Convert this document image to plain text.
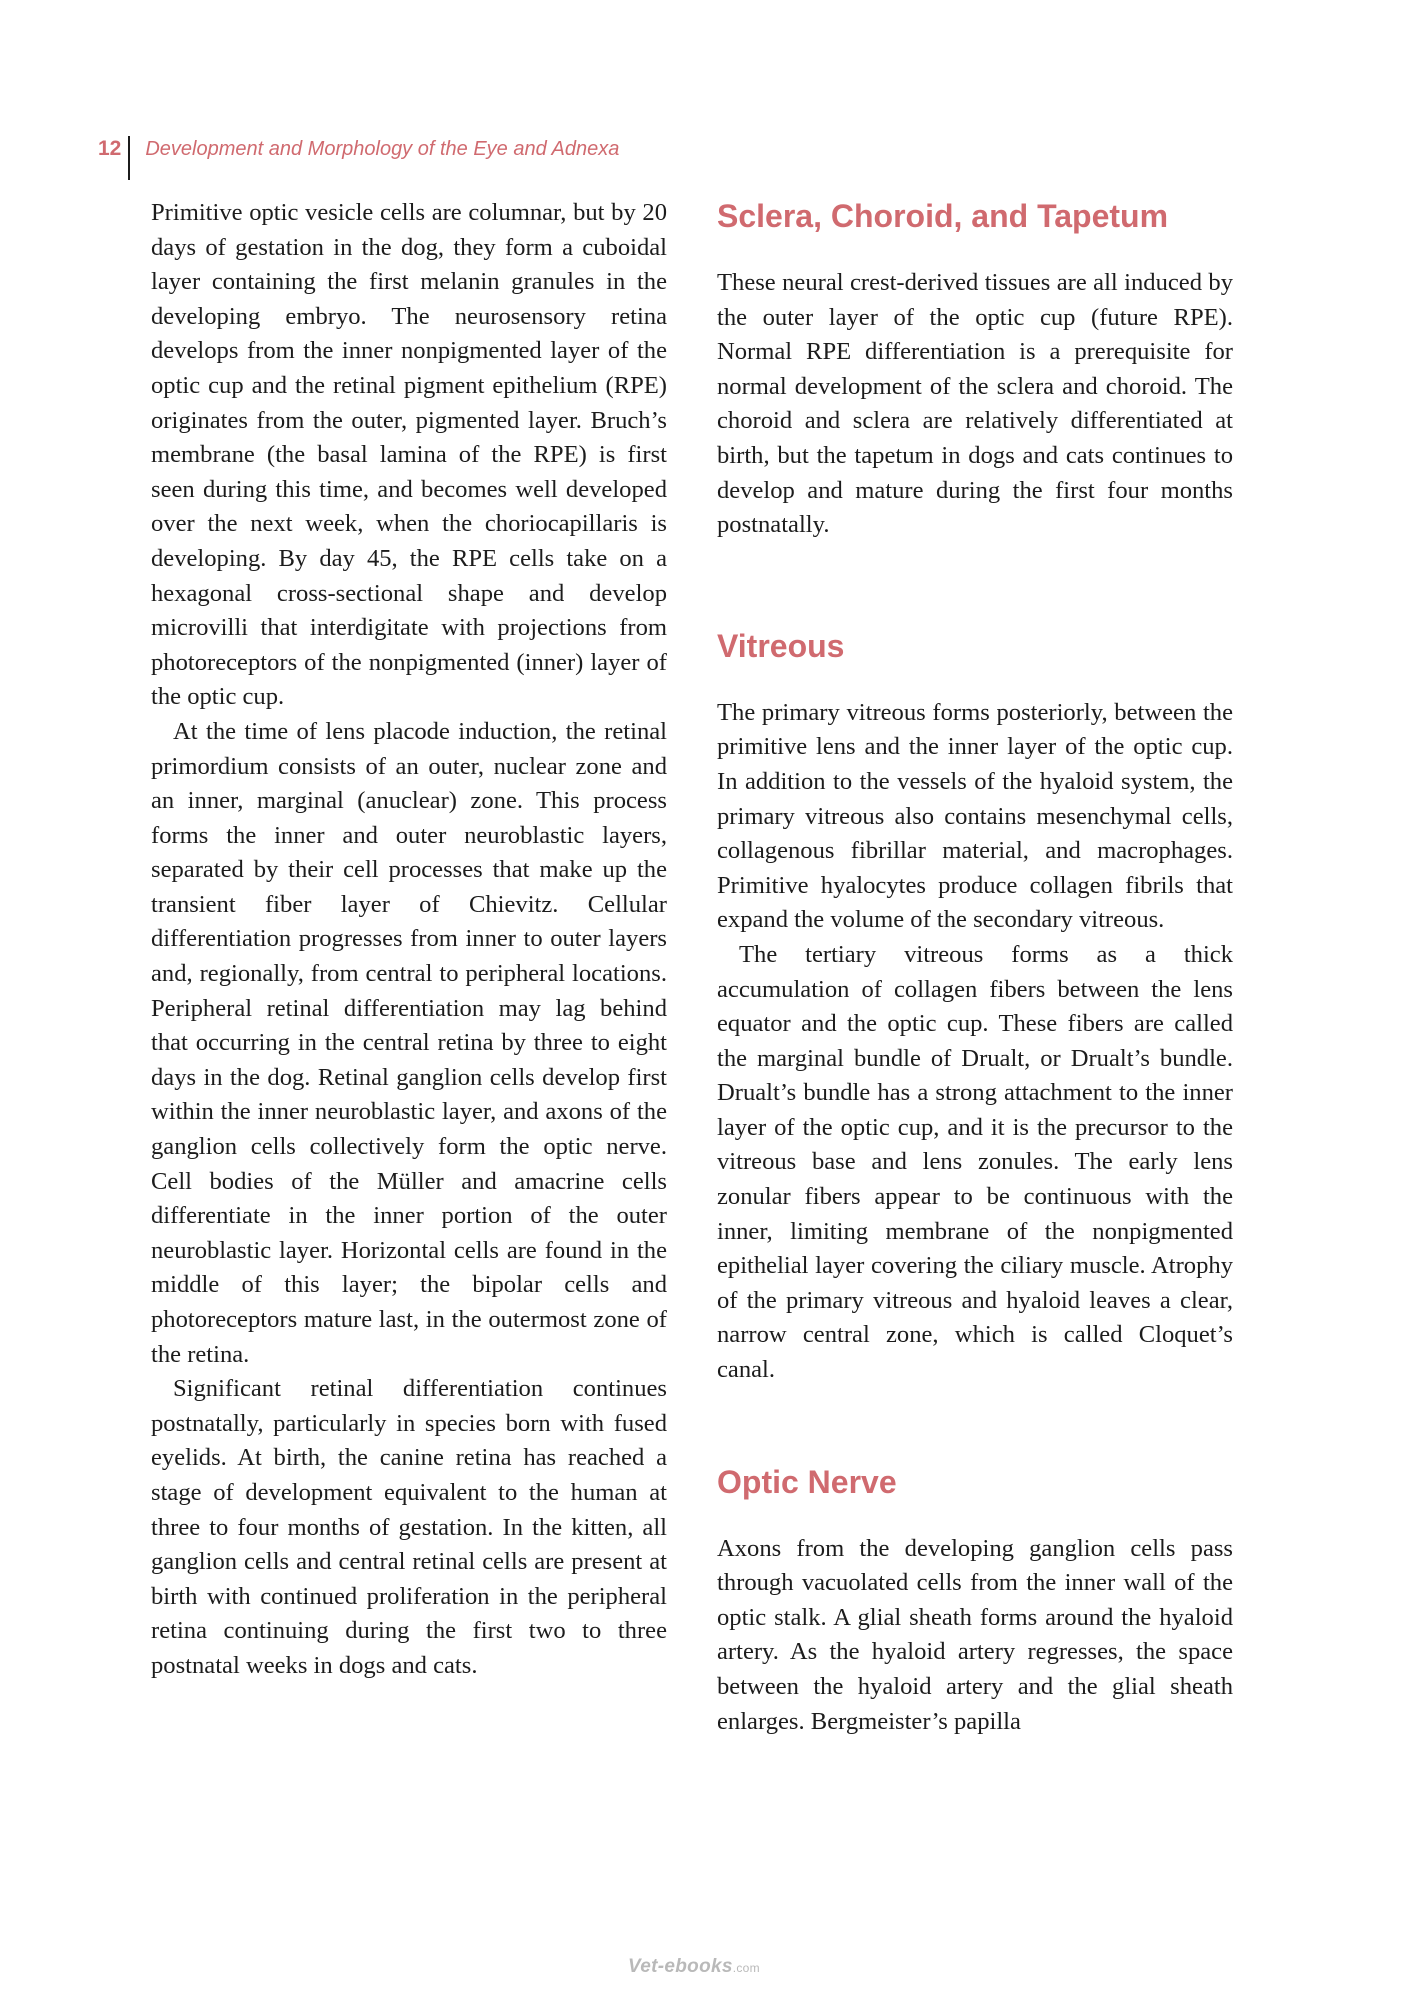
12	Development and Morphology of the Eye and Adnexa

Primitive optic vesicle cells are columnar, but by 20 days of gestation in the dog, they form a cuboidal layer containing the first melanin granules in the developing embryo. The neurosensory retina develops from the inner nonpigmented layer of the optic cup and the retinal pigment epithelium (RPE) originates from the outer, pigmented layer. Bruch’s membrane (the basal lamina of the RPE) is first seen during this time, and becomes well developed over the next week, when the choriocapillaris is developing. By day 45, the RPE cells take on a hexagonal cross-sectional shape and develop microvilli that interdigitate with projections from photoreceptors of the nonpigmented (inner) layer of the optic cup.

At the time of lens placode induction, the retinal primordium consists of an outer, nuclear zone and an inner, marginal (anuclear) zone. This process forms the inner and outer neuroblastic layers, separated by their cell processes that make up the transient fiber layer of Chievitz. Cellular differentiation progresses from inner to outer layers and, regionally, from central to peripheral locations. Peripheral retinal differentiation may lag behind that occurring in the central retina by three to eight days in the dog. Retinal ganglion cells develop first within the inner neuroblastic layer, and axons of the ganglion cells collectively form the optic nerve. Cell bodies of the Müller and amacrine cells differentiate in the inner portion of the outer neuroblastic layer. Horizontal cells are found in the middle of this layer; the bipolar cells and photoreceptors mature last, in the outermost zone of the retina.

Significant retinal differentiation continues postnatally, particularly in species born with fused eyelids. At birth, the canine retina has reached a stage of development equivalent to the human at three to four months of gestation. In the kitten, all ganglion cells and central retinal cells are present at birth with continued proliferation in the peripheral retina continuing during the first two to three postnatal weeks in dogs and cats.

Sclera, Choroid, and Tapetum

These neural crest-derived tissues are all induced by the outer layer of the optic cup (future RPE). Normal RPE differentiation is a prerequisite for normal development of the sclera and choroid. The choroid and sclera are relatively differentiated at birth, but the tapetum in dogs and cats continues to develop and mature during the first four months postnatally.

Vitreous

The primary vitreous forms posteriorly, between the primitive lens and the inner layer of the optic cup. In addition to the vessels of the hyaloid system, the primary vitreous also contains mesenchymal cells, collagenous fibrillar material, and macrophages. Primitive hyalocytes produce collagen fibrils that expand the volume of the secondary vitreous.

The tertiary vitreous forms as a thick accumulation of collagen fibers between the lens equator and the optic cup. These fibers are called the marginal bundle of Drualt, or Drualt’s bundle. Drualt’s bundle has a strong attachment to the inner layer of the optic cup, and it is the precursor to the vitreous base and lens zonules. The early lens zonular fibers appear to be continuous with the inner, limiting membrane of the nonpigmented epithelial layer covering the ciliary muscle. Atrophy of the primary vitreous and hyaloid leaves a clear, narrow central zone, which is called Cloquet’s canal.

Optic Nerve

Axons from the developing ganglion cells pass through vacuolated cells from the inner wall of the optic stalk. A glial sheath forms around the hyaloid artery. As the hyaloid artery regresses, the space between the hyaloid artery and the glial sheath enlarges. Bergmeister’s papilla

Vet-ebooks.com
